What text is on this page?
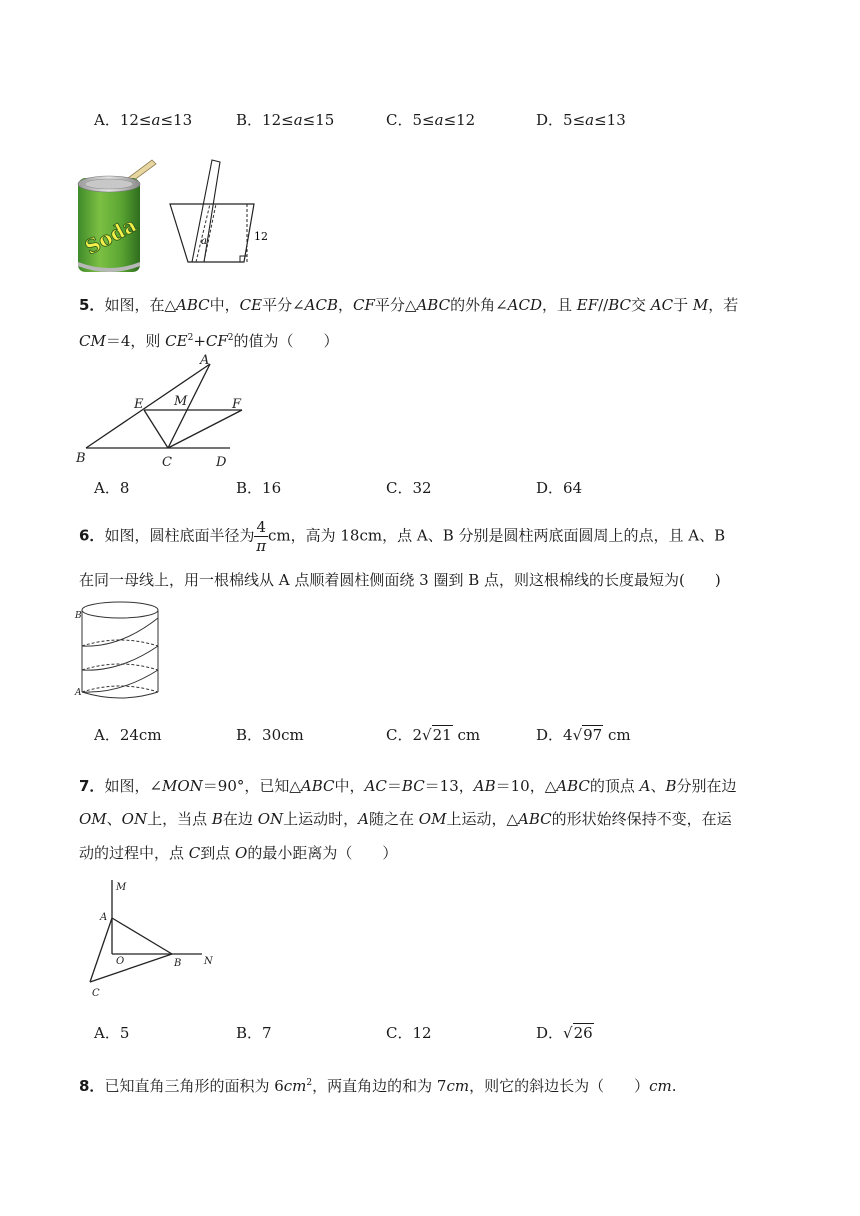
A．12≤a≤13	B．12≤a≤15	C．5≤a≤12	D．5≤a≤13
Soda	a	12
5．如图，在△ABC中，CE平分∠ACB，CF平分△ABC的外角∠ACD，且 EF//BC交 AC于 M，若
CM＝4，则 $CE^2+CF^2$的值为（　　）
A
B	C	D
E	F
M
A．8	B．16	C．32	D．64
6．如图，圆柱底面半径为 $\frac{4}{\pi}$ cm，高为 18cm，点 A、B 分别是圆柱两底面圆周上的点，且 A、B
在同一母线上，用一根棉线从 A 点顺着圆柱侧面绕 3 圈到 B 点，则这根棉线的长度最短为(　　)
B
A
A．24cm	B．30cm	C．2√21 cm	D．4√97 cm
7．如图，∠MON＝90°，已知△ABC中，AC＝BC＝13，AB＝10，△ABC的顶点 A、B分别在边
OM、ON上，当点 B在边 ON上运动时，A随之在 OM上运动，△ABC的形状始终保持不变，在运
动的过程中，点 C到点 O的最小距离为（　　）
M
A
O	B N
C
A．5	B．7	C．12	D．√26
8．已知直角三角形的面积为 $6cm^2$，两直角边的和为 7cm，则它的斜边长为（　　）cm.
